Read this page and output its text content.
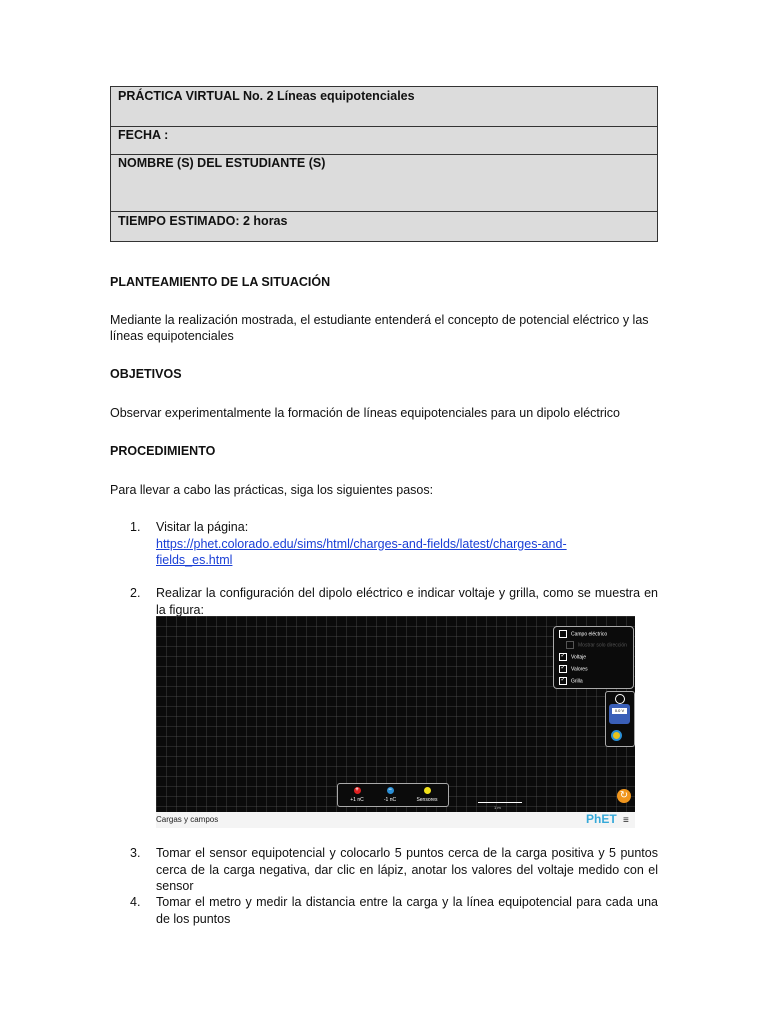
PRÁCTICA VIRTUAL No. 2 Líneas equipotenciales
FECHA :
NOMBRE (S) DEL ESTUDIANTE (S)
TIEMPO ESTIMADO: 2 horas
PLANTEAMIENTO DE LA SITUACIÓN
Mediante la realización mostrada, el estudiante entenderá el concepto de potencial eléctrico y las líneas equipotenciales
OBJETIVOS
Observar experimentalmente la formación de líneas equipotenciales para un dipolo eléctrico
PROCEDIMIENTO
Para llevar a cabo las prácticas, siga los siguientes pasos:
1.	Visitar la página:
https://phet.colorado.edu/sims/html/charges-and-fields/latest/charges-and-
fields_es.html
2.	Realizar la configuración del dipolo eléctrico e indicar voltaje y grilla, como se muestra en la figura:
Campo eléctrico
Mostrar solo dirección
✓ Voltaje
✓ Valores
✓ Grilla
0.0 V
+
+1 nC
−
-1 nC	Sensores
1 m
↻
Cargas y campos	PhET ≡
3.	Tomar el sensor equipotencial y colocarlo 5 puntos cerca de la carga positiva y 5 puntos cerca de la carga negativa, dar clic en lápiz, anotar los valores del voltaje medido con el sensor
4.	Tomar el metro y medir la distancia entre la carga y la línea equipotencial para cada una de los puntos
